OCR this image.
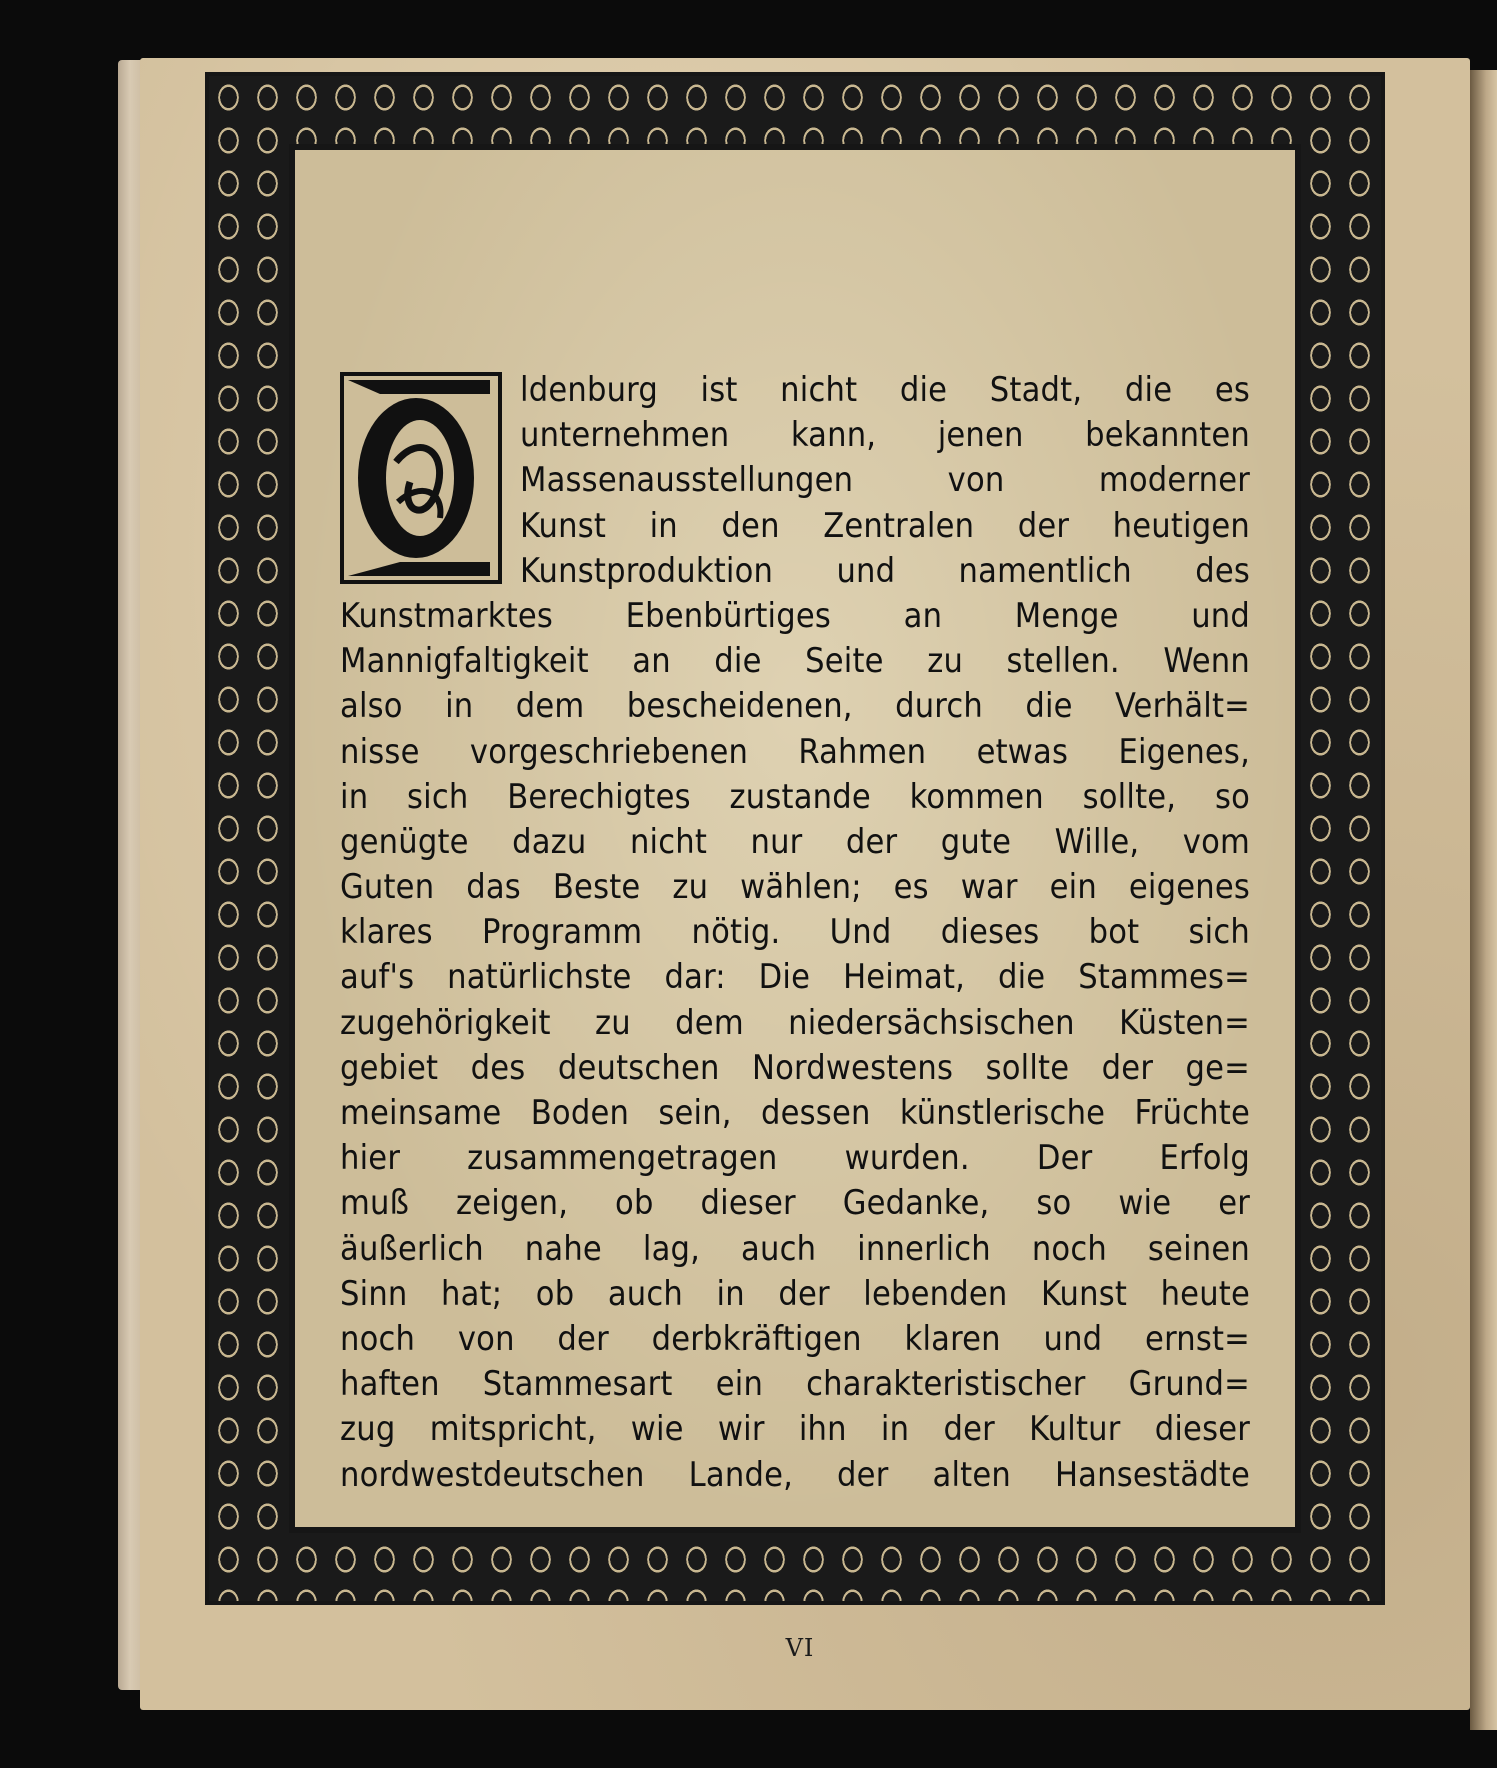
ldenburg ist nicht die Stadt, die es
unternehmen kann, jenen bekannten
Massenausstellungen von moderner
Kunst in den Zentralen der heutigen
Kunstproduktion und namentlich des
Kunstmarktes Ebenbürtiges an Menge und
Mannigfaltigkeit an die Seite zu stellen. Wenn
also in dem bescheidenen, durch die Verhält=
nisse vorgeschriebenen Rahmen etwas Eigenes,
in sich Berechigtes zustande kommen sollte, so
genügte dazu nicht nur der gute Wille, vom
Guten das Beste zu wählen; es war ein eigenes
klares Programm nötig. Und dieses bot sich
auf's natürlichste dar: Die Heimat, die Stammes=
zugehörigkeit zu dem niedersächsischen Küsten=
gebiet des deutschen Nordwestens sollte der ge=
meinsame Boden sein, dessen künstlerische Früchte
hier zusammengetragen wurden. Der Erfolg
muß zeigen, ob dieser Gedanke, so wie er
äußerlich nahe lag, auch innerlich noch seinen
Sinn hat; ob auch in der lebenden Kunst heute
noch von der derbkräftigen klaren und ernst=
haften Stammesart ein charakteristischer Grund=
zug mitspricht, wie wir ihn in der Kultur dieser
nordwestdeutschen Lande, der alten Hansestädte
VI
